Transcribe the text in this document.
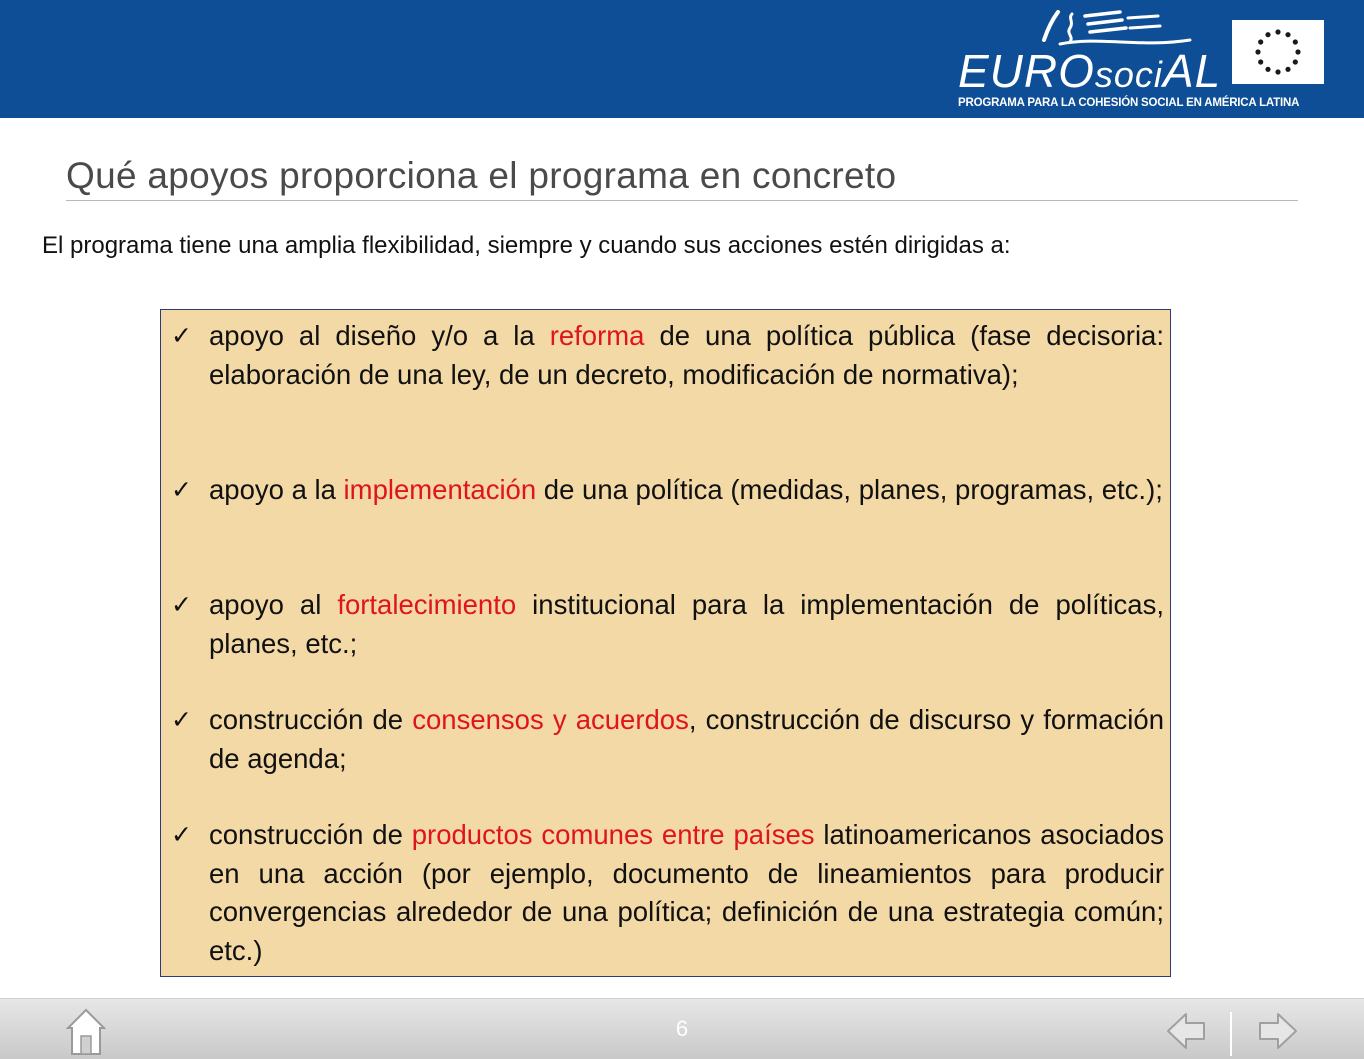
EUROsociAL
PROGRAMA PARA LA COHESIÓN SOCIAL EN AMÉRICA LATINA
Qué apoyos proporciona el programa en concreto
El programa tiene una amplia flexibilidad, siempre y cuando sus acciones estén dirigidas a:
✓ apoyo al diseño y/o a la reforma de una política pública (fase decisoria: elaboración de una ley, de un decreto, modificación de normativa);
✓ apoyo a la implementación de una política (medidas, planes, programas, etc.);
✓ apoyo al fortalecimiento institucional para la implementación de políticas, planes, etc.;
✓ construcción de consensos y acuerdos, construcción de discurso y formación de agenda;
✓ construcción de productos comunes entre países latinoamericanos asociados en una acción (por ejemplo, documento de lineamientos para producir convergencias alrededor de una política; definición de una estrategia común; etc.)
6
